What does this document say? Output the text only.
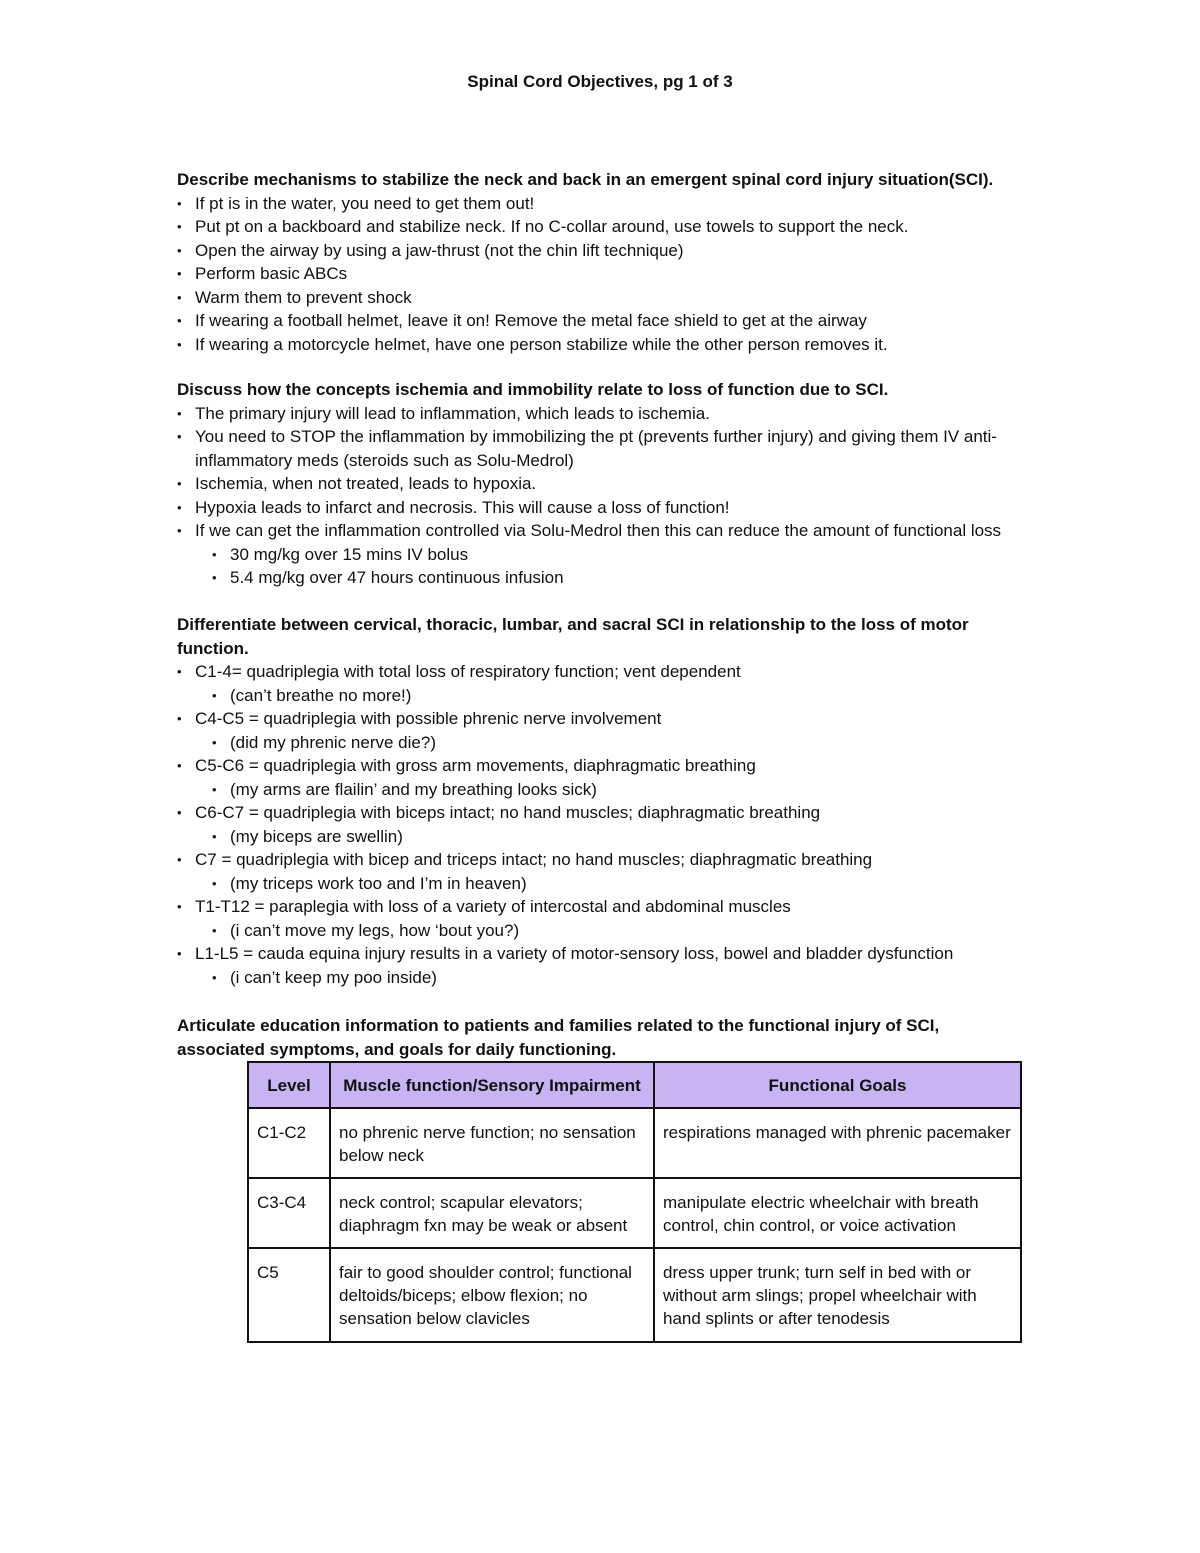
Spinal Cord Objectives, pg 1 of 3

Describe mechanisms to stabilize the neck and back in an emergent spinal cord injury situation(SCI).

• If pt is in the water, you need to get them out!
• Put pt on a backboard and stabilize neck. If no C-collar around, use towels to support the neck.
• Open the airway by using a jaw-thrust (not the chin lift technique)
• Perform basic ABCs
• Warm them to prevent shock
• If wearing a football helmet, leave it on! Remove the metal face shield to get at the airway
• If wearing a motorcycle helmet, have one person stabilize while the other person removes it.

Discuss how the concepts ischemia and immobility relate to loss of function due to SCI.

• The primary injury will lead to inflammation, which leads to ischemia.
• You need to STOP the inflammation by immobilizing the pt (prevents further injury) and giving them IV anti-inflammatory meds (steroids such as Solu-Medrol)
• Ischemia, when not treated, leads to hypoxia.
• Hypoxia leads to infarct and necrosis. This will cause a loss of function!
• If we can get the inflammation controlled via Solu-Medrol then this can reduce the amount of functional loss
• 30 mg/kg over 15 mins IV bolus
• 5.4 mg/kg over 47 hours continuous infusion

Differentiate between cervical, thoracic, lumbar, and sacral SCI in relationship to the loss of motor function.

• C1-4= quadriplegia with total loss of respiratory function; vent dependent
• (can’t breathe no more!)
• C4-C5 = quadriplegia with possible phrenic nerve involvement
• (did my phrenic nerve die?)
• C5-C6 = quadriplegia with gross arm movements, diaphragmatic breathing
• (my arms are flailin’ and my breathing looks sick)
• C6-C7 = quadriplegia with biceps intact; no hand muscles; diaphragmatic breathing
• (my biceps are swellin)
• C7 = quadriplegia with bicep and triceps intact; no hand muscles; diaphragmatic breathing
• (my triceps work too and I’m in heaven)
• T1-T12 = paraplegia with loss of a variety of intercostal and abdominal muscles
• (i can’t move my legs, how ‘bout you?)
• L1-L5 = cauda equina injury results in a variety of motor-sensory loss, bowel and bladder dysfunction
• (i can’t keep my poo inside)

Articulate education information to patients and families related to the functional injury of SCI, associated symptoms, and goals for daily functioning.

Level	Muscle function/Sensory Impairment	Functional Goals
C1-C2	no phrenic nerve function; no sensation below neck	respirations managed with phrenic pacemaker
C3-C4	neck control; scapular elevators; diaphragm fxn may be weak or absent	manipulate electric wheelchair with breath control, chin control, or voice activation
C5	fair to good shoulder control; functional deltoids/biceps; elbow flexion; no sensation below clavicles	dress upper trunk; turn self in bed with or without arm slings; propel wheelchair with hand splints or after tenodesis
